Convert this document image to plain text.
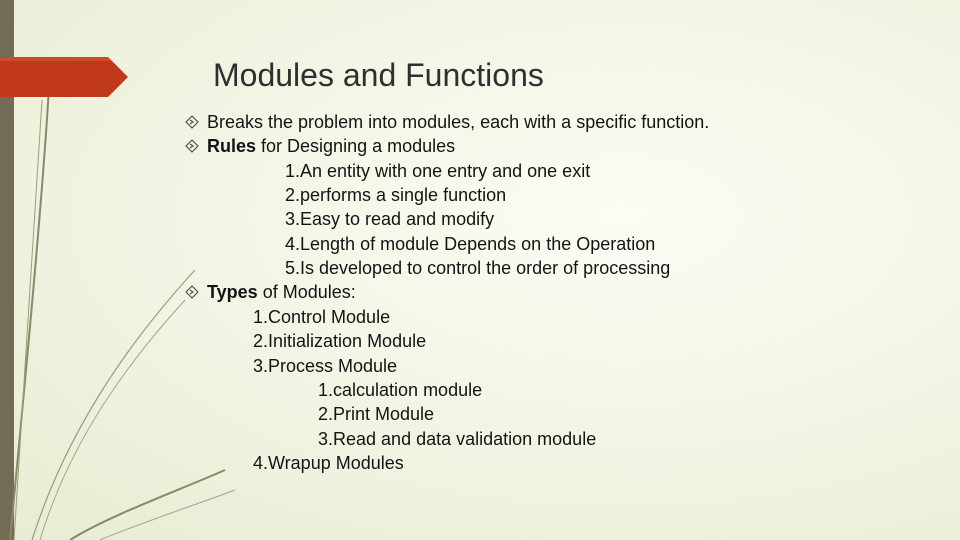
Modules and Functions
Breaks the problem into modules, each with a specific function.
Rules for Designing a modules
1.An entity with one entry and one exit
2.performs a single function
3.Easy to read and modify
4.Length of module Depends on the Operation
5.Is developed to control the order of processing
Types of Modules:
1.Control Module
2.Initialization Module
3.Process Module
1.calculation module
2.Print Module
3.Read and data validation module
4.Wrapup Modules
